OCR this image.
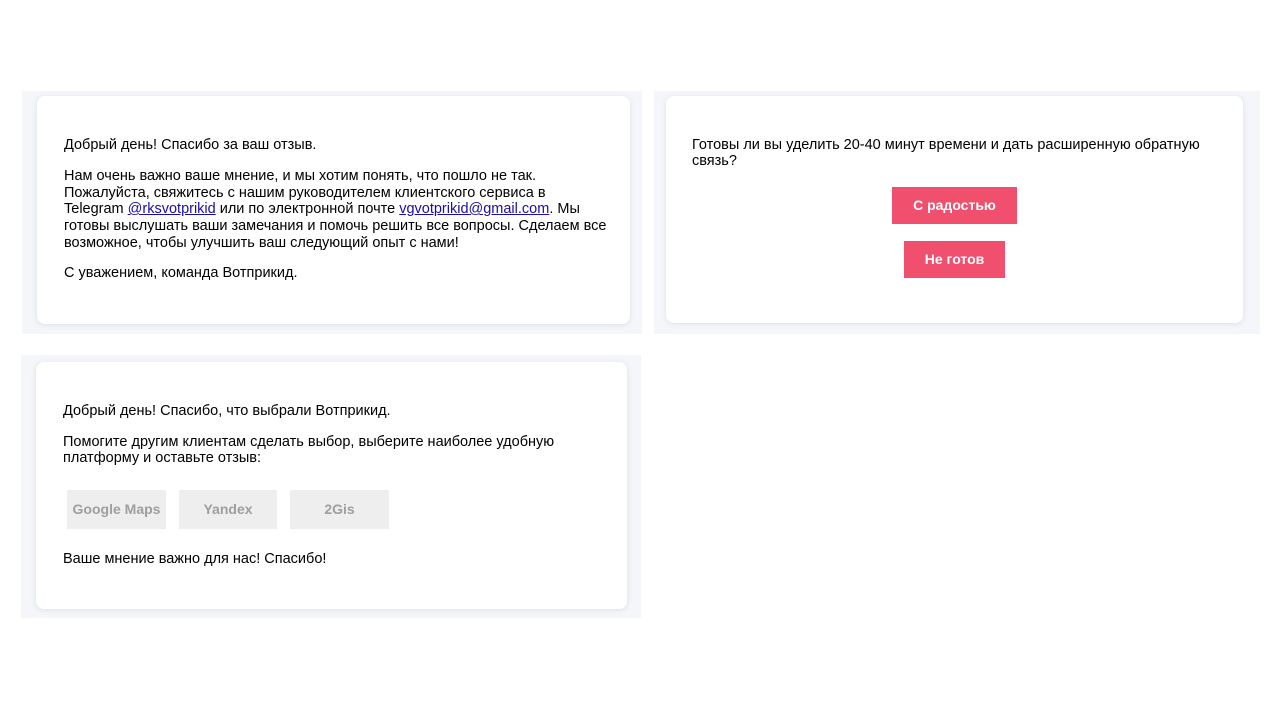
Добрый день! Спасибо за ваш отзыв.

Нам очень важно ваше мнение, и мы хотим понять, что пошло не так.

Пожалуйста, свяжитесь с нашим руководителем клиентского сервиса в

Telegram @rksvotprikid или по электронной почте vgvotprikid@gmail.com. Мы

готовы выслушать ваши замечания и помочь решить все вопросы. Сделаем все

возможное, чтобы улучшить ваш следующий опыт с нами!

С уважением, команда Вотприкид.

Готовы ли вы уделить 20-40 минут времени и дать расширенную обратную

связь?

С радостью
Не готов

Добрый день! Спасибо, что выбрали Вотприкид.

Помогите другим клиентам сделать выбор, выберите наиболее удобную

платформу и оставьте отзыв:

Google Maps	Yandex	2Gis

Ваше мнение важно для нас! Спасибо!
